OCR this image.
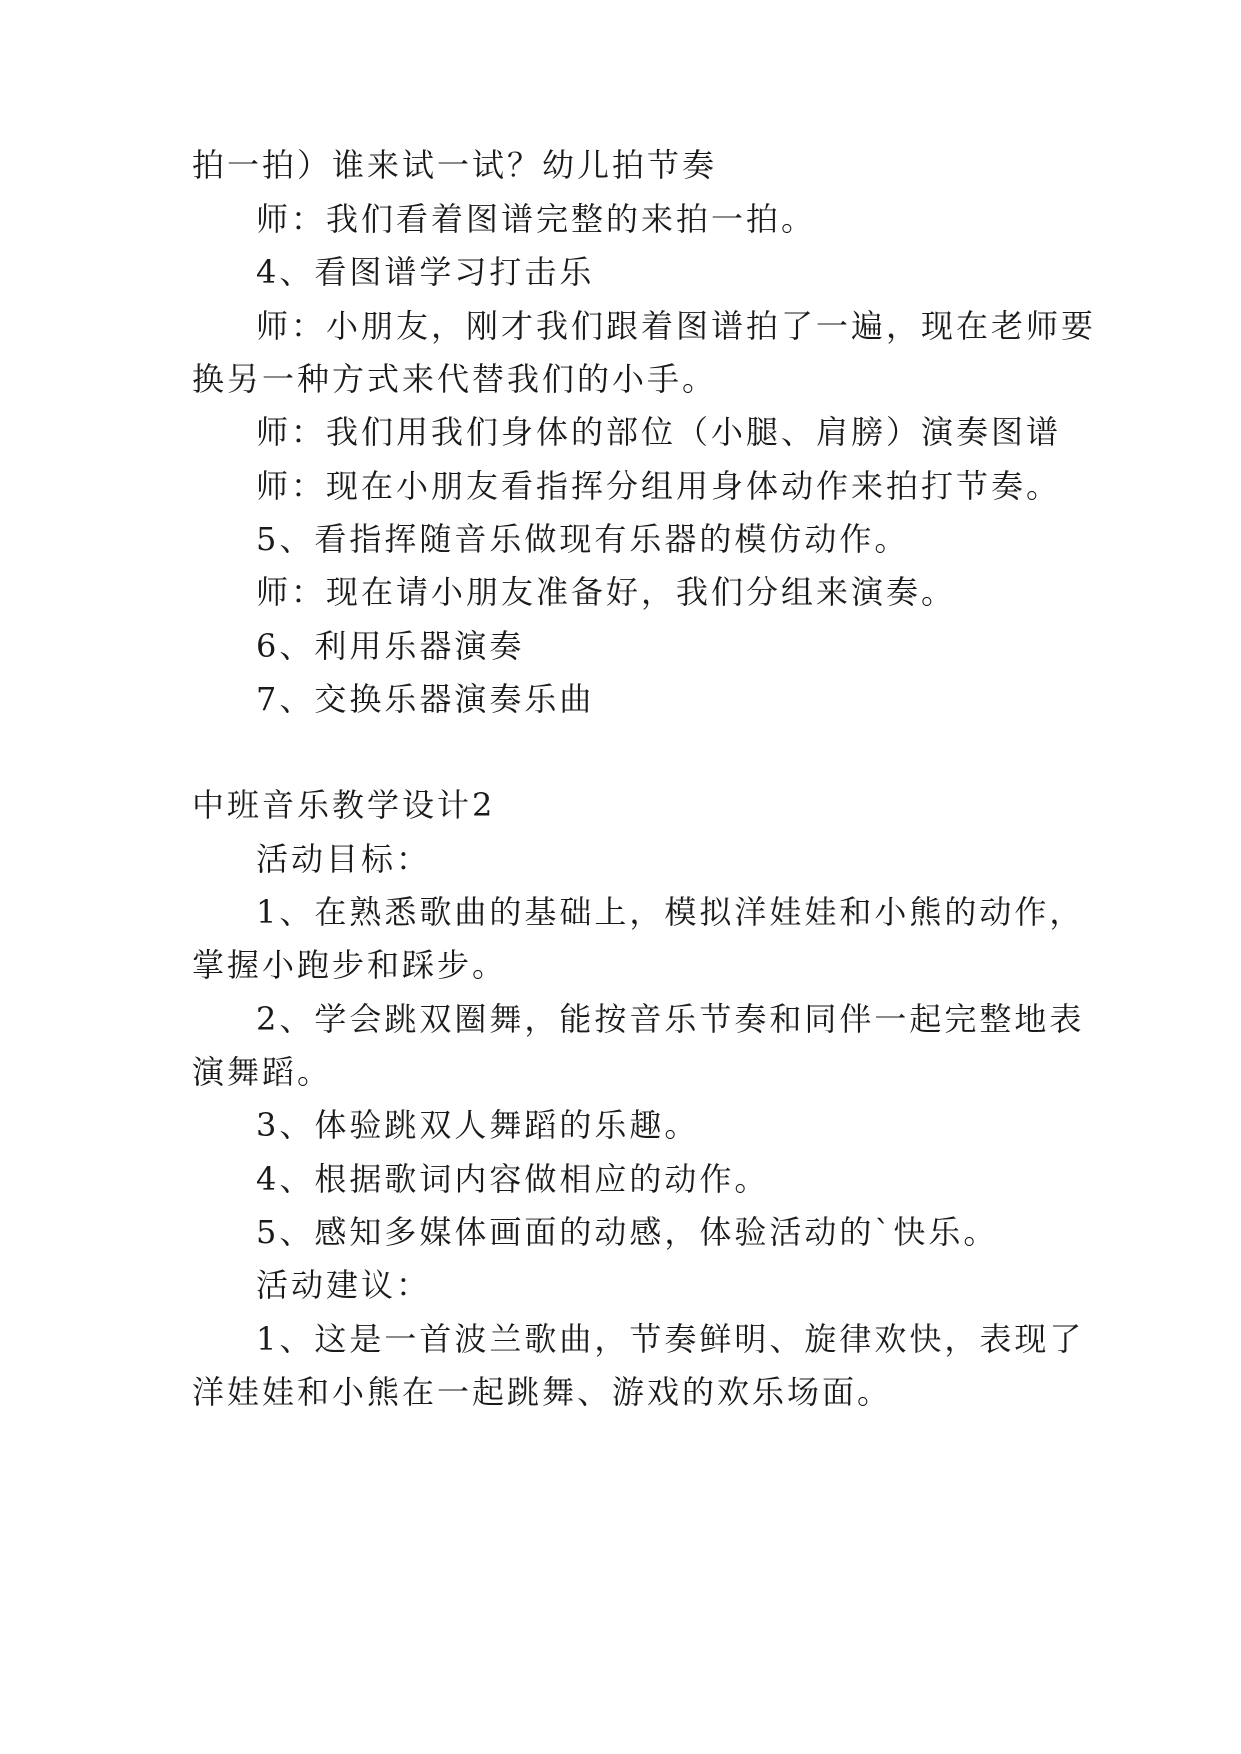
拍一拍）谁来试一试？幼儿拍节奏
师：我们看着图谱完整的来拍一拍。
4、看图谱学习打击乐
师：小朋友，刚才我们跟着图谱拍了一遍，现在老师要
换另一种方式来代替我们的小手。
师：我们用我们身体的部位（小腿、肩膀）演奏图谱
师：现在小朋友看指挥分组用身体动作来拍打节奏。
5、看指挥随音乐做现有乐器的模仿动作。
师：现在请小朋友准备好，我们分组来演奏。
6、利用乐器演奏
7、交换乐器演奏乐曲
中班音乐教学设计2
活动目标：
1、在熟悉歌曲的基础上，模拟洋娃娃和小熊的动作，
掌握小跑步和踩步。
2、学会跳双圈舞，能按音乐节奏和同伴一起完整地表
演舞蹈。
3、体验跳双人舞蹈的乐趣。
4、根据歌词内容做相应的动作。
5、感知多媒体画面的动感，体验活动的`快乐。
活动建议：
1、这是一首波兰歌曲，节奏鲜明、旋律欢快，表现了
洋娃娃和小熊在一起跳舞、游戏的欢乐场面。
